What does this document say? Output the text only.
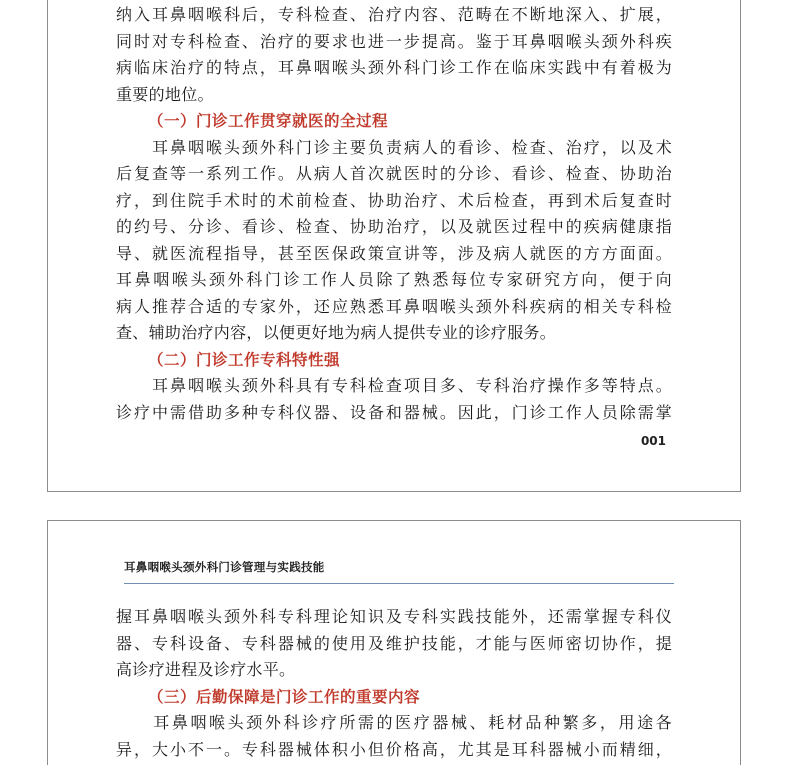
纳入耳鼻咽喉科后，专科检查、治疗内容、范畴在不断地深入、扩展，
同时对专科检查、治疗的要求也进一步提高。鉴于耳鼻咽喉头颈外科疾
病临床治疗的特点，耳鼻咽喉头颈外科门诊工作在临床实践中有着极为
重要的地位。

（一）门诊工作贯穿就医的全过程

　　耳鼻咽喉头颈外科门诊主要负责病人的看诊、检查、治疗，以及术
后复查等一系列工作。从病人首次就医时的分诊、看诊、检查、协助治
疗，到住院手术时的术前检查、协助治疗、术后检查，再到术后复查时
的约号、分诊、看诊、检查、协助治疗，以及就医过程中的疾病健康指
导、就医流程指导，甚至医保政策宣讲等，涉及病人就医的方方面面。
耳鼻咽喉头颈外科门诊工作人员除了熟悉每位专家研究方向，便于向
病人推荐合适的专家外，还应熟悉耳鼻咽喉头颈外科疾病的相关专科检
查、辅助治疗内容，以便更好地为病人提供专业的诊疗服务。

（二）门诊工作专科特性强

　　耳鼻咽喉头颈外科具有专科检查项目多、专科治疗操作多等特点。
诊疗中需借助多种专科仪器、设备和器械。因此，门诊工作人员除需掌

001
耳鼻咽喉头颈外科门诊管理与实践技能

握耳鼻咽喉头颈外科专科理论知识及专科实践技能外，还需掌握专科仪
器、专科设备、专科器械的使用及维护技能，才能与医师密切协作，提
高诊疗进程及诊疗水平。

（三）后勤保障是门诊工作的重要内容

　　耳鼻咽喉头颈外科诊疗所需的医疗器械、耗材品种繁多，用途各
异，大小不一。专科器械体积小但价格高，尤其是耳科器械小而精细，
